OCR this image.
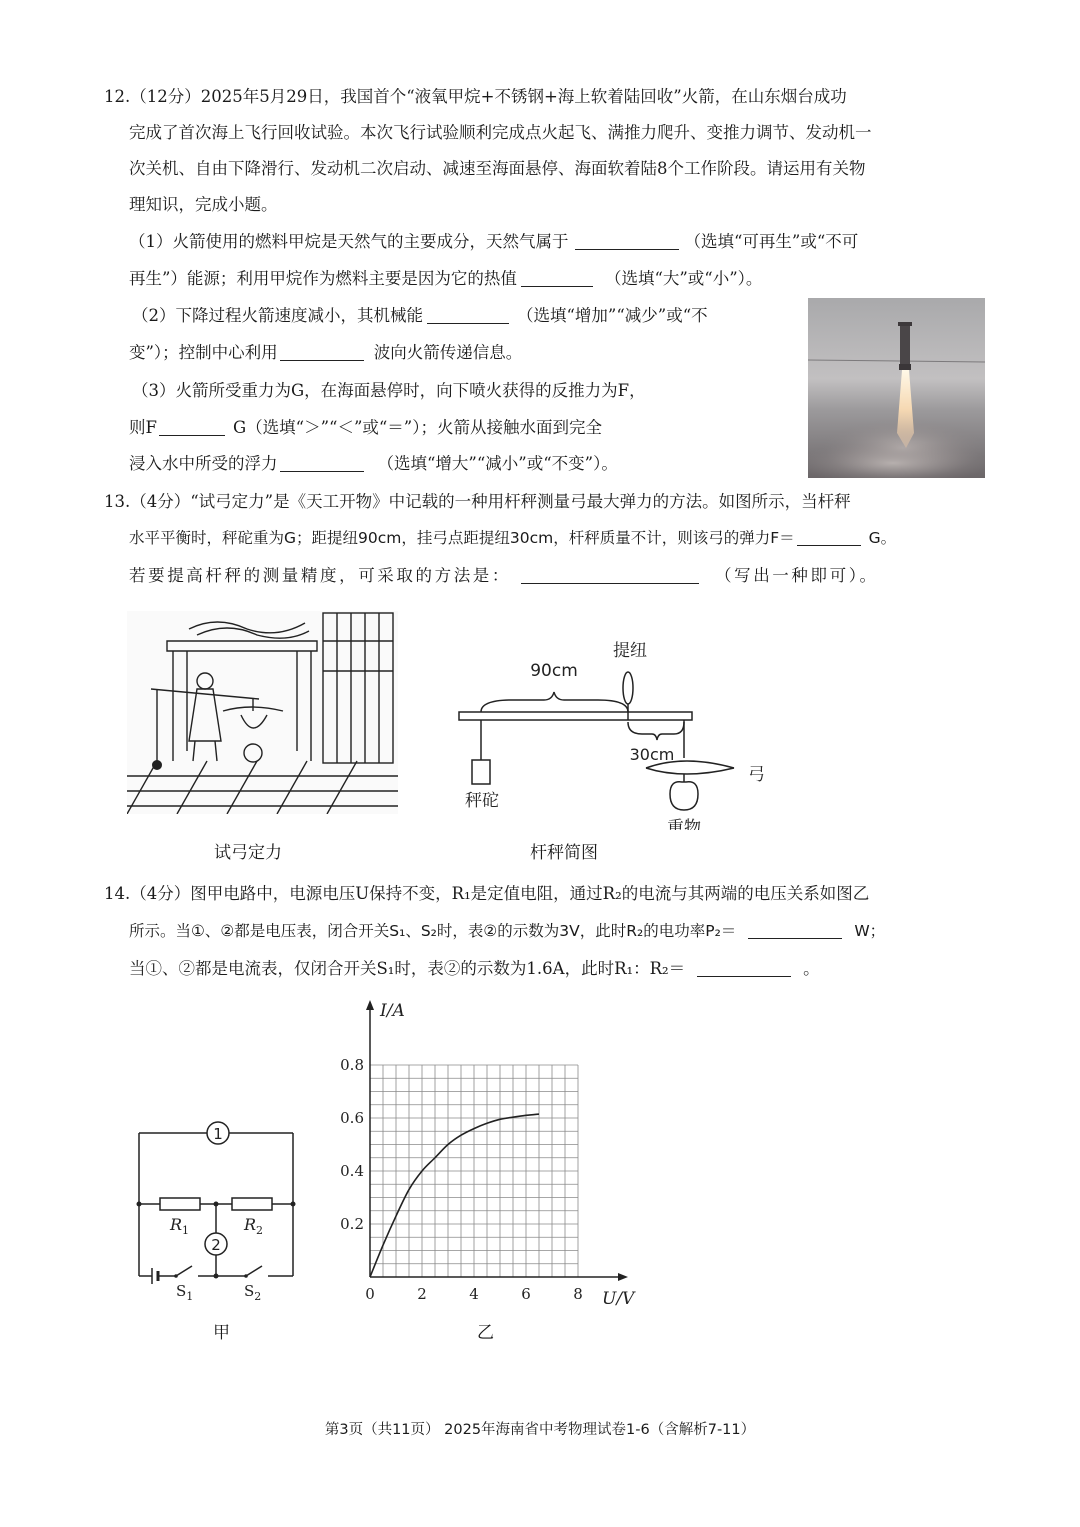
12.（12分）2025年5月29日，我国首个“液氧甲烷+不锈钢+海上软着陆回收”火箭，在山东烟台成功
完成了首次海上飞行回收试验。本次飞行试验顺利完成点火起飞、满推力爬升、变推力调节、发动机一
次关机、自由下降滑行、发动机二次启动、减速至海面悬停、海面软着陆8个工作阶段。请运用有关物
理知识，完成小题。
（1）火箭使用的燃料甲烷是天然气的主要成分，天然气属于	（选填“可再生”或“不可
再生”）能源；利用甲烷作为燃料主要是因为它的热值	（选填“大”或“小”）。
（2）下降过程火箭速度减小，其机械能	（选填“增加”“减少”或“不
变”）；控制中心利用	波向火箭传递信息。
（3）火箭所受重力为G，在海面悬停时，向下喷火获得的反推力为F，
则F	G（选填“＞”“＜”或“＝”）；火箭从接触水面到完全
浸入水中所受的浮力	（选填“增大”“减小”或“不变”）。
13.（4分）“试弓定力”是《天工开物》中记载的一种用杆秤测量弓最大弹力的方法。如图所示，当杆秤
水平平衡时，秤砣重为G；距提纽90cm，挂弓点距提纽30cm，杆秤质量不计，则该弓的弹力F＝	G。
若要提高杆秤的测量精度，可采取的方法是：	（写出一种即可）。
90cm
提纽
30cm
弓
秤砣
重物
试弓定力	杆秤简图
14.（4分）图甲电路中，电源电压U保持不变，R₁是定值电阻，通过R₂的电流与其两端的电压关系如图乙
所示。当①、②都是电压表，闭合开关S₁、S₂时，表②的示数为3V，此时R₂的电功率P₂＝	W；
当①、②都是电流表，仅闭合开关S₁时，表②的示数为1.6A，此时R₁：R₂＝	。
1
2
$R_1$	$R_2$
$S_1$	$S_2$
甲
0	2	4	6	8
0.2
0.4
0.6
0.8
I/A
U/V
乙
第3页（共11页） 2025年海南省中考物理试卷1-6（含解析7-11）
